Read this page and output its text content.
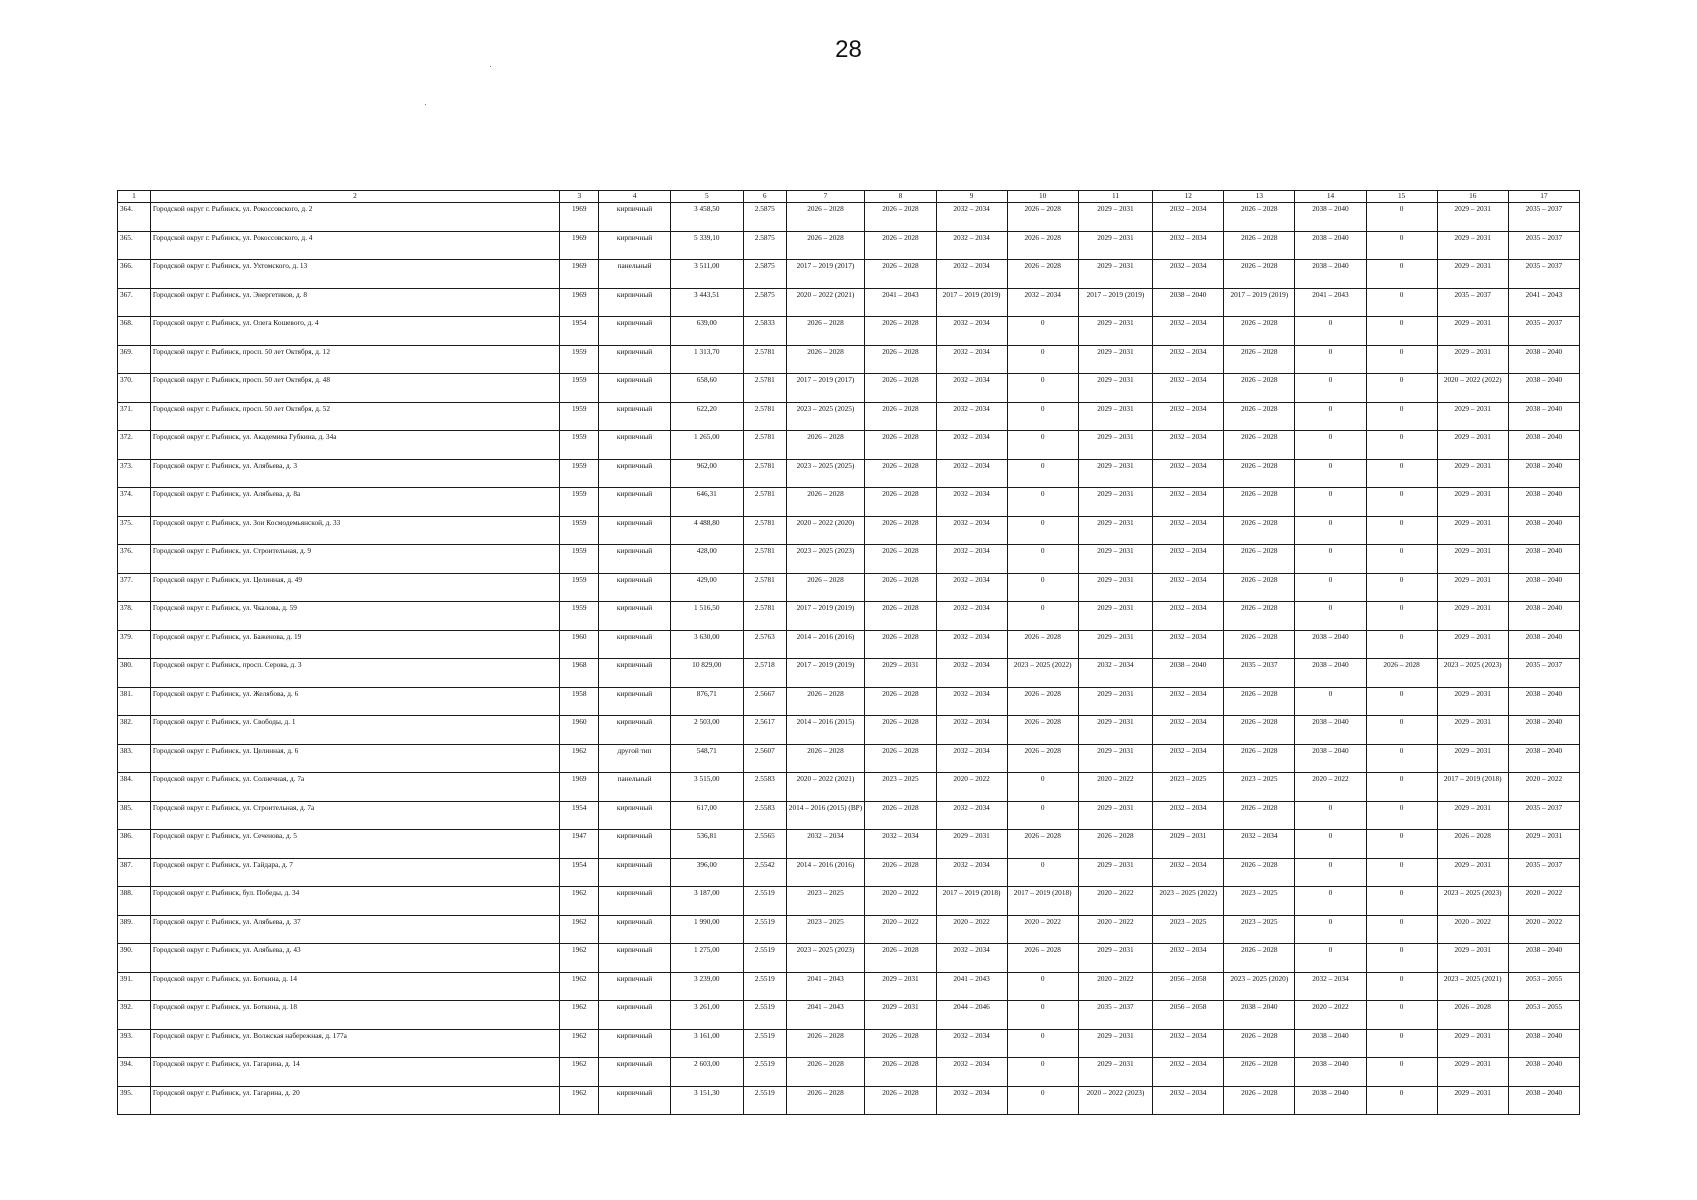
28
1	2	3	4	5	6	7	8	9	10	11	12	13	14	15	16	17
364.	Городской округ г. Рыбинск, ул. Рокоссовского, д. 2	1969	кирпичный	3 458,50	2.5875	2026 – 2028	2026 – 2028	2032 – 2034	2026 – 2028	2029 – 2031	2032 – 2034	2026 – 2028	2038 – 2040	0	2029 – 2031	2035 – 2037
365.	Городской округ г. Рыбинск, ул. Рокоссовского, д. 4	1969	кирпичный	5 339,10	2.5875	2026 – 2028	2026 – 2028	2032 – 2034	2026 – 2028	2029 – 2031	2032 – 2034	2026 – 2028	2038 – 2040	0	2029 – 2031	2035 – 2037
366.	Городской округ г. Рыбинск, ул. Ухтомского, д. 13	1969	панельный	3 511,00	2.5875	2017 – 2019 (2017)	2026 – 2028	2032 – 2034	2026 – 2028	2029 – 2031	2032 – 2034	2026 – 2028	2038 – 2040	0	2029 – 2031	2035 – 2037
367.	Городской округ г. Рыбинск, ул. Энергетиков, д. 8	1969	кирпичный	3 443,51	2.5875	2020 – 2022 (2021)	2041 – 2043	2017 – 2019 (2019)	2032 – 2034	2017 – 2019 (2019)	2038 – 2040	2017 – 2019 (2019)	2041 – 2043	0	2035 – 2037	2041 – 2043
368.	Городской округ г. Рыбинск, ул. Олега Кошевого, д. 4	1954	кирпичный	639,00	2.5833	2026 – 2028	2026 – 2028	2032 – 2034	0	2029 – 2031	2032 – 2034	2026 – 2028	0	0	2029 – 2031	2035 – 2037
369.	Городской округ г. Рыбинск, просп. 50 лет Октября, д. 12	1959	кирпичный	1 313,70	2.5781	2026 – 2028	2026 – 2028	2032 – 2034	0	2029 – 2031	2032 – 2034	2026 – 2028	0	0	2029 – 2031	2038 – 2040
370.	Городской округ г. Рыбинск, просп. 50 лет Октября, д. 48	1959	кирпичный	658,60	2.5781	2017 – 2019 (2017)	2026 – 2028	2032 – 2034	0	2029 – 2031	2032 – 2034	2026 – 2028	0	0	2020 – 2022 (2022)	2038 – 2040
371.	Городской округ г. Рыбинск, просп. 50 лет Октября, д. 52	1959	кирпичный	622,20	2.5781	2023 – 2025 (2025)	2026 – 2028	2032 – 2034	0	2029 – 2031	2032 – 2034	2026 – 2028	0	0	2029 – 2031	2038 – 2040
372.	Городской округ г. Рыбинск, ул. Академика Губкина, д. 34а	1959	кирпичный	1 265,00	2.5781	2026 – 2028	2026 – 2028	2032 – 2034	0	2029 – 2031	2032 – 2034	2026 – 2028	0	0	2029 – 2031	2038 – 2040
373.	Городской округ г. Рыбинск, ул. Алябьева, д. 3	1959	кирпичный	962,00	2.5781	2023 – 2025 (2025)	2026 – 2028	2032 – 2034	0	2029 – 2031	2032 – 2034	2026 – 2028	0	0	2029 – 2031	2038 – 2040
374.	Городской округ г. Рыбинск, ул. Алябьева, д. 8а	1959	кирпичный	646,31	2.5781	2026 – 2028	2026 – 2028	2032 – 2034	0	2029 – 2031	2032 – 2034	2026 – 2028	0	0	2029 – 2031	2038 – 2040
375.	Городской округ г. Рыбинск, ул. Зои Космодемьянской, д. 33	1959	кирпичный	4 488,80	2.5781	2020 – 2022 (2020)	2026 – 2028	2032 – 2034	0	2029 – 2031	2032 – 2034	2026 – 2028	0	0	2029 – 2031	2038 – 2040
376.	Городской округ г. Рыбинск, ул. Строительная, д. 9	1959	кирпичный	428,00	2.5781	2023 – 2025 (2023)	2026 – 2028	2032 – 2034	0	2029 – 2031	2032 – 2034	2026 – 2028	0	0	2029 – 2031	2038 – 2040
377.	Городской округ г. Рыбинск, ул. Целинная, д. 49	1959	кирпичный	429,00	2.5781	2026 – 2028	2026 – 2028	2032 – 2034	0	2029 – 2031	2032 – 2034	2026 – 2028	0	0	2029 – 2031	2038 – 2040
378.	Городской округ г. Рыбинск, ул. Чкалова, д. 59	1959	кирпичный	1 516,50	2.5781	2017 – 2019 (2019)	2026 – 2028	2032 – 2034	0	2029 – 2031	2032 – 2034	2026 – 2028	0	0	2029 – 2031	2038 – 2040
379.	Городской округ г. Рыбинск, ул. Баженова, д. 19	1960	кирпичный	3 630,00	2.5763	2014 – 2016 (2016)	2026 – 2028	2032 – 2034	2026 – 2028	2029 – 2031	2032 – 2034	2026 – 2028	2038 – 2040	0	2029 – 2031	2038 – 2040
380.	Городской округ г. Рыбинск, просп. Серова, д. 3	1968	кирпичный	10 829,00	2.5718	2017 – 2019 (2019)	2029 – 2031	2032 – 2034	2023 – 2025 (2022)	2032 – 2034	2038 – 2040	2035 – 2037	2038 – 2040	2026 – 2028	2023 – 2025 (2023)	2035 – 2037
381.	Городской округ г. Рыбинск, ул. Желябова, д. 6	1958	кирпичный	876,71	2.5667	2026 – 2028	2026 – 2028	2032 – 2034	2026 – 2028	2029 – 2031	2032 – 2034	2026 – 2028	0	0	2029 – 2031	2038 – 2040
382.	Городской округ г. Рыбинск, ул. Свободы, д. 1	1960	кирпичный	2 503,00	2.5617	2014 – 2016 (2015)	2026 – 2028	2032 – 2034	2026 – 2028	2029 – 2031	2032 – 2034	2026 – 2028	2038 – 2040	0	2029 – 2031	2038 – 2040
383.	Городской округ г. Рыбинск, ул. Целинная, д. 6	1962	другой тип	548,71	2.5607	2026 – 2028	2026 – 2028	2032 – 2034	2026 – 2028	2029 – 2031	2032 – 2034	2026 – 2028	2038 – 2040	0	2029 – 2031	2038 – 2040
384.	Городской округ г. Рыбинск, ул. Солнечная, д. 7а	1969	панельный	3 515,00	2.5583	2020 – 2022 (2021)	2023 – 2025	2020 – 2022	0	2020 – 2022	2023 – 2025	2023 – 2025	2020 – 2022	0	2017 – 2019 (2018)	2020 – 2022
385.	Городской округ г. Рыбинск, ул. Строительная, д. 7а	1954	кирпичный	617,00	2.5583	2014 – 2016 (2015) (ВР)	2026 – 2028	2032 – 2034	0	2029 – 2031	2032 – 2034	2026 – 2028	0	0	2029 – 2031	2035 – 2037
386.	Городской округ г. Рыбинск, ул. Сеченова, д. 5	1947	кирпичный	536,81	2.5565	2032 – 2034	2032 – 2034	2029 – 2031	2026 – 2028	2026 – 2028	2029 – 2031	2032 – 2034	0	0	2026 – 2028	2029 – 2031
387.	Городской округ г. Рыбинск, ул. Гайдара, д. 7	1954	кирпичный	396,00	2.5542	2014 – 2016 (2016)	2026 – 2028	2032 – 2034	0	2029 – 2031	2032 – 2034	2026 – 2028	0	0	2029 – 2031	2035 – 2037
388.	Городской округ г. Рыбинск, бул. Победы, д. 34	1962	кирпичный	3 187,00	2.5519	2023 – 2025	2020 – 2022	2017 – 2019 (2018)	2017 – 2019 (2018)	2020 – 2022	2023 – 2025 (2022)	2023 – 2025	0	0	2023 – 2025 (2023)	2020 – 2022
389.	Городской округ г. Рыбинск, ул. Алябьева, д. 37	1962	кирпичный	1 990,00	2.5519	2023 – 2025	2020 – 2022	2020 – 2022	2020 – 2022	2020 – 2022	2023 – 2025	2023 – 2025	0	0	2020 – 2022	2020 – 2022
390.	Городской округ г. Рыбинск, ул. Алябьева, д. 43	1962	кирпичный	1 275,00	2.5519	2023 – 2025 (2023)	2026 – 2028	2032 – 2034	2026 – 2028	2029 – 2031	2032 – 2034	2026 – 2028	0	0	2029 – 2031	2038 – 2040
391.	Городской округ г. Рыбинск, ул. Боткина, д. 14	1962	кирпичный	3 239,00	2.5519	2041 – 2043	2029 – 2031	2041 – 2043	0	2020 – 2022	2056 – 2058	2023 – 2025 (2020)	2032 – 2034	0	2023 – 2025 (2021)	2053 – 2055
392.	Городской округ г. Рыбинск, ул. Боткина, д. 18	1962	кирпичный	3 261,00	2.5519	2041 – 2043	2029 – 2031	2044 – 2046	0	2035 – 2037	2056 – 2058	2038 – 2040	2020 – 2022	0	2026 – 2028	2053 – 2055
393.	Городской округ г. Рыбинск, ул. Волжская набережная, д. 177а	1962	кирпичный	3 161,00	2.5519	2026 – 2028	2026 – 2028	2032 – 2034	0	2029 – 2031	2032 – 2034	2026 – 2028	2038 – 2040	0	2029 – 2031	2038 – 2040
394.	Городской округ г. Рыбинск, ул. Гагарина, д. 14	1962	кирпичный	2 603,00	2.5519	2026 – 2028	2026 – 2028	2032 – 2034	0	2029 – 2031	2032 – 2034	2026 – 2028	2038 – 2040	0	2029 – 2031	2038 – 2040
395.	Городской округ г. Рыбинск, ул. Гагарина, д. 20	1962	кирпичный	3 151,30	2.5519	2026 – 2028	2026 – 2028	2032 – 2034	0	2020 – 2022 (2023)	2032 – 2034	2026 – 2028	2038 – 2040	0	2029 – 2031	2038 – 2040
